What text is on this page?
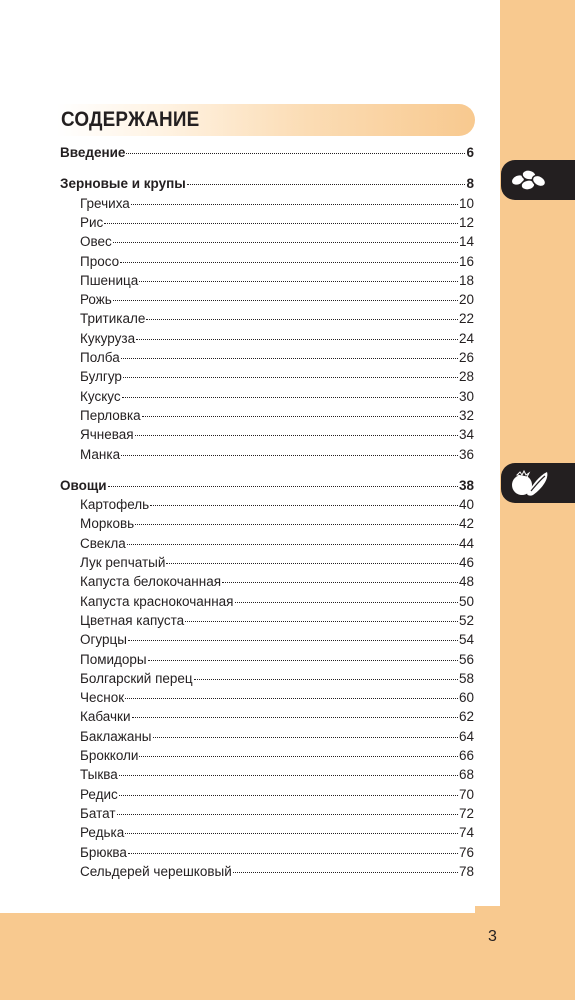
3
СОДЕРЖАНИЕ
Введение	6
Зерновые и крупы	8
Гречиха	10
Рис	12
Овес	14
Просо	16
Пшеница	18
Рожь	20
Тритикале	22
Кукуруза	24
Полба	26
Булгур	28
Кускус	30
Перловка	32
Ячневая	34
Манка	36
Овощи	38
Картофель	40
Морковь	42
Свекла	44
Лук репчатый	46
Капуста белокочанная	48
Капуста краснокочанная	50
Цветная капуста	52
Огурцы	54
Помидоры	56
Болгарский перец	58
Чеснок	60
Кабачки	62
Баклажаны	64
Брокколи	66
Тыква	68
Редис	70
Батат	72
Редька	74
Брюква	76
Сельдерей черешковый	78
